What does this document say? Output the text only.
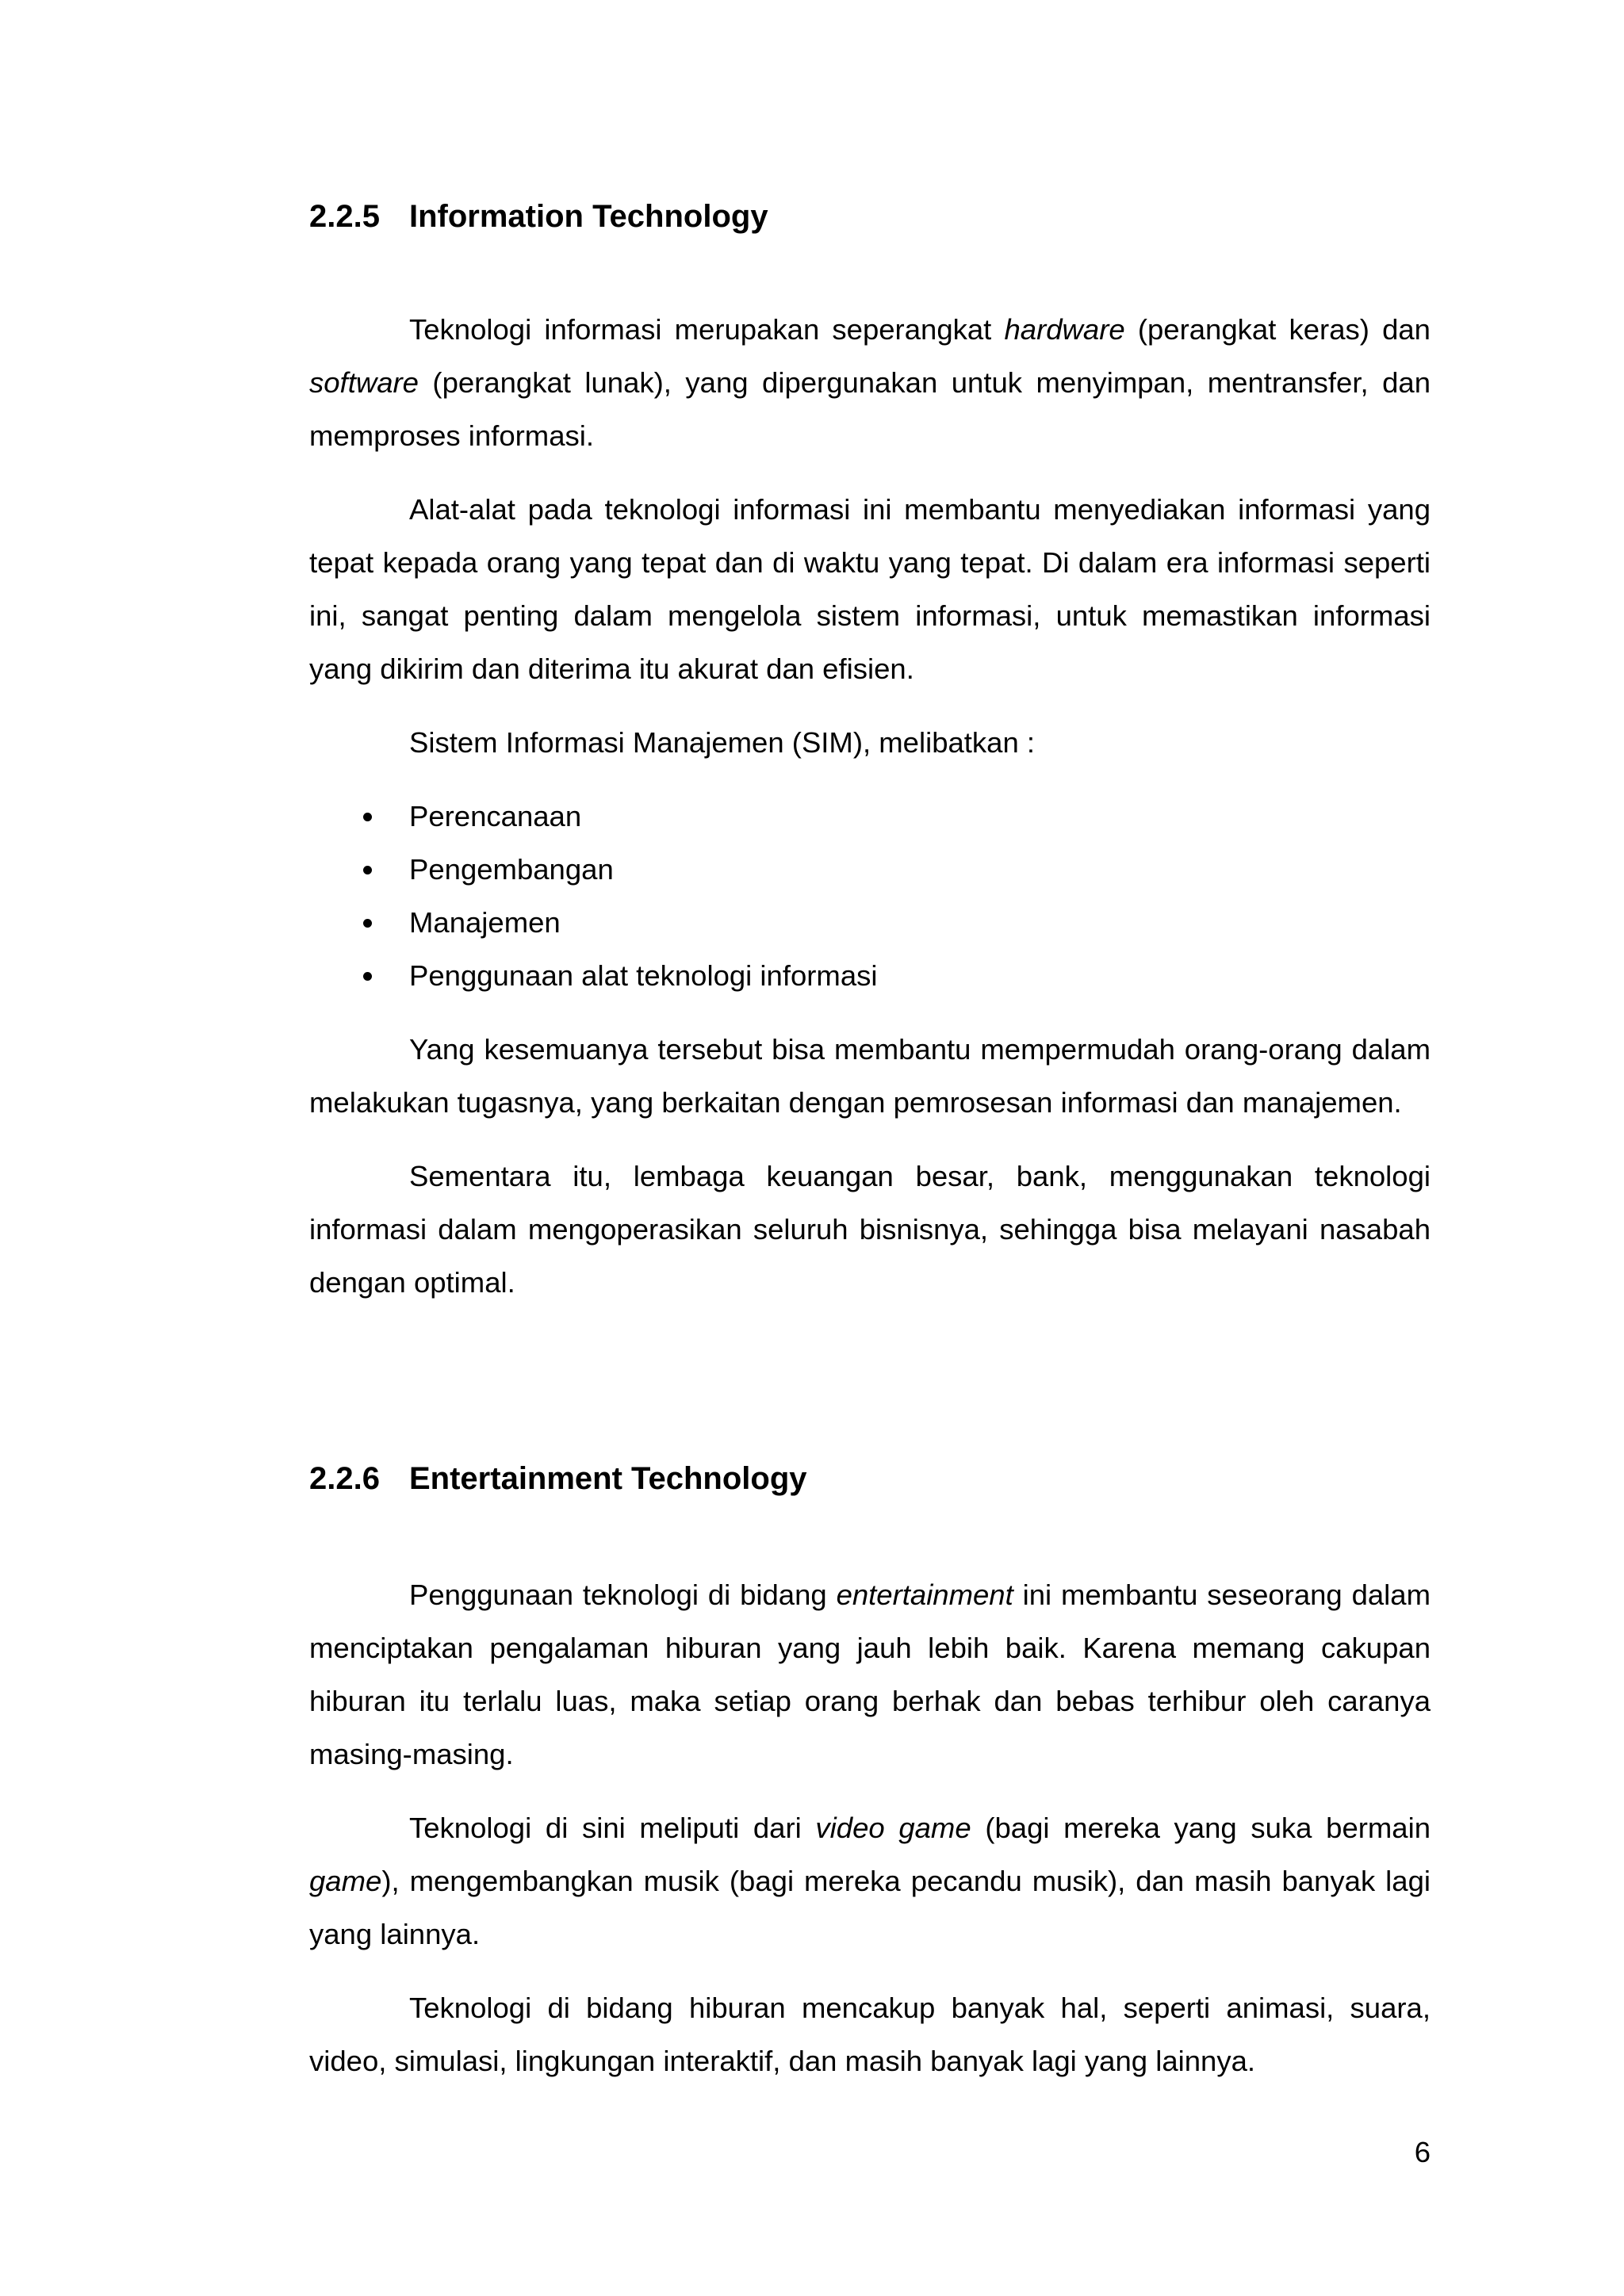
2.2.5 Information Technology

Teknologi informasi merupakan seperangkat hardware (perangkat keras) dan software (perangkat lunak), yang dipergunakan untuk menyimpan, mentransfer, dan memproses informasi.

Alat-alat pada teknologi informasi ini membantu menyediakan informasi yang tepat kepada orang yang tepat dan di waktu yang tepat. Di dalam era informasi seperti ini, sangat penting dalam mengelola sistem informasi, untuk memastikan informasi yang dikirim dan diterima itu akurat dan efisien.

Sistem Informasi Manajemen (SIM), melibatkan :

Perencanaan
Pengembangan
Manajemen
Penggunaan alat teknologi informasi

Yang kesemuanya tersebut bisa membantu mempermudah orang-orang dalam melakukan tugasnya, yang berkaitan dengan pemrosesan informasi dan manajemen.

Sementara itu, lembaga keuangan besar, bank, menggunakan teknologi informasi dalam mengoperasikan seluruh bisnisnya, sehingga bisa melayani nasabah dengan optimal.

2.2.6 Entertainment Technology

Penggunaan teknologi di bidang entertainment ini membantu seseorang dalam menciptakan pengalaman hiburan yang jauh lebih baik. Karena memang cakupan hiburan itu terlalu luas, maka setiap orang berhak dan bebas terhibur oleh caranya masing-masing.

Teknologi di sini meliputi dari video game (bagi mereka yang suka bermain game), mengembangkan musik (bagi mereka pecandu musik), dan masih banyak lagi yang lainnya.

Teknologi di bidang hiburan mencakup banyak hal, seperti animasi, suara, video, simulasi, lingkungan interaktif, dan masih banyak lagi yang lainnya.

6
